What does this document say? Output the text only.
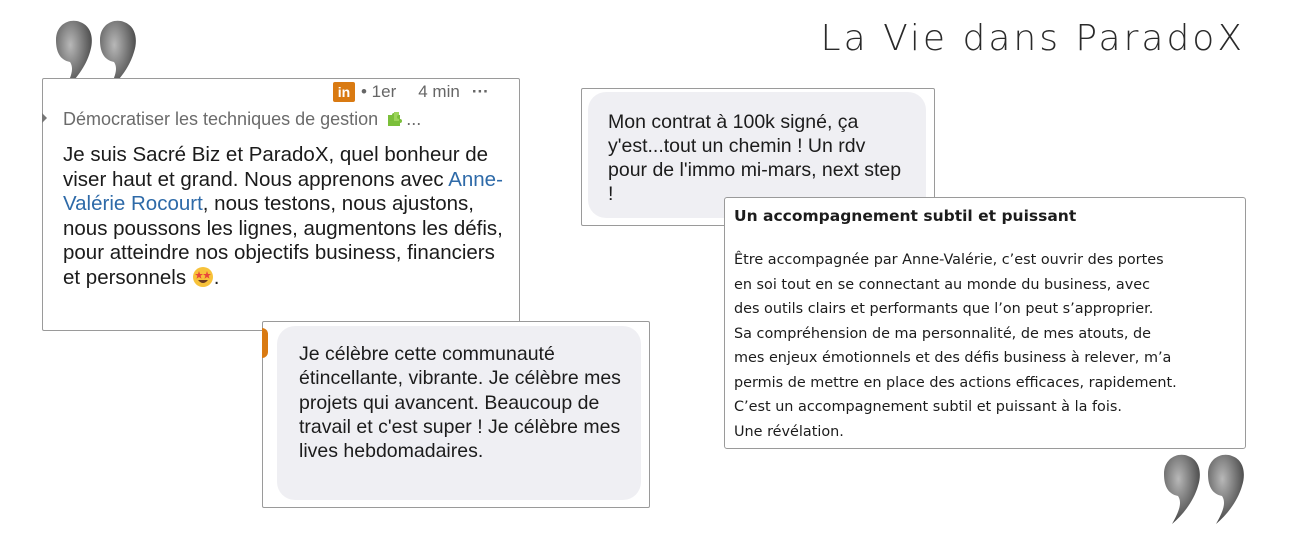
La Vie dans ParadoX
in • 1er 4 min ···
Démocratiser les techniques de gestion ...
Je suis Sacré Biz et ParadoX, quel bonheur de viser haut et grand. Nous apprenons avec Anne-Valérie Rocourt, nous testons, nous ajustons, nous poussons les lignes, augmentons les défis, pour atteindre nos objectifs business, financiers et personnels .

Mon contrat à 100k signé, ça y'est...tout un chemin ! Un rdv pour de l'immo mi-mars, next step !

Je célèbre cette communauté étincellante, vibrante. Je célèbre mes projets qui avancent. Beaucoup de travail et c'est super ! Je célèbre mes lives hebdomadaires.

Un accompagnement subtil et puissant
Être accompagnée par Anne-Valérie, c’est ouvrir des portes
en soi tout en se connectant au monde du business, avec
des outils clairs et performants que l’on peut s’approprier.
Sa compréhension de ma personnalité, de mes atouts, de
mes enjeux émotionnels et des défis business à relever, m’a
permis de mettre en place des actions efficaces, rapidement.
C’est un accompagnement subtil et puissant à la fois.
Une révélation.
